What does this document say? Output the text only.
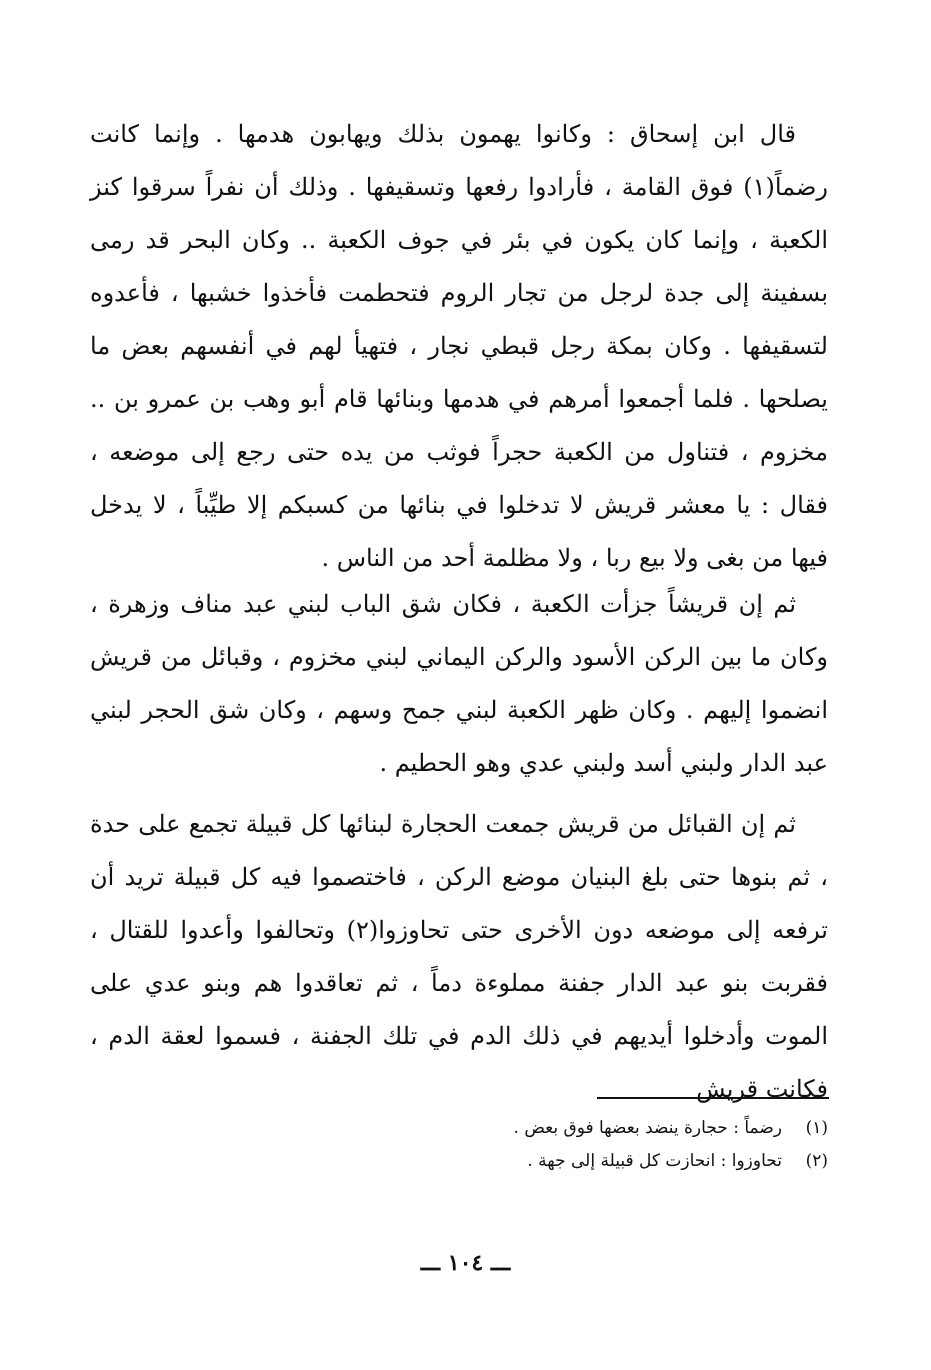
قال ابن إسحاق : وكانوا يهمون بذلك ويهابون هدمها . وإنما كانت رضماً(١) فوق القامة ، فأرادوا رفعها وتسقيفها . وذلك أن نفراً سرقوا كنز الكعبة ، وإنما كان يكون في بئر في جوف الكعبة .. وكان البحر قد رمى بسفينة إلى جدة لرجل من تجار الروم فتحطمت فأخذوا خشبها ، فأعدوه لتسقيفها . وكان بمكة رجل قبطي نجار ، فتهيأ لهم في أنفسهم بعض ما يصلحها . فلما أجمعوا أمرهم في هدمها وبنائها قام أبو وهب بن عمرو بن .. مخزوم ، فتناول من الكعبة حجراً فوثب من يده حتى رجع إلى موضعه ، فقال : يا معشر قريش لا تدخلوا في بنائها من كسبكم إلا طيِّباً ، لا يدخل فيها من بغى ولا بيع ربا ، ولا مظلمة أحد من الناس .

ثم إن قريشاً جزأت الكعبة ، فكان شق الباب لبني عبد مناف وزهرة ، وكان ما بين الركن الأسود والركن اليماني لبني مخزوم ، وقبائل من قريش انضموا إليهم . وكان ظهر الكعبة لبني جمح وسهم ، وكان شق الحجر لبني عبد الدار ولبني أسد ولبني عدي وهو الحطيم .

ثم إن القبائل من قريش جمعت الحجارة لبنائها كل قبيلة تجمع على حدة ، ثم بنوها حتى بلغ البنيان موضع الركن ، فاختصموا فيه كل قبيلة تريد أن ترفعه إلى موضعه دون الأخرى حتى تحاوزوا(٢) وتحالفوا وأعدوا للقتال ، فقربت بنو عبد الدار جفنة مملوءة دماً ، ثم تعاقدوا هم وبنو عدي على الموت وأدخلوا أيديهم في ذلك الدم في تلك الجفنة ، فسموا لعقة الدم ، فكانت قريش

(١)رضماً : حجارة ينضد بعضها فوق بعض .
(٢)تحاوزوا : انحازت كل قبيلة إلى جهة .
ـــ ١٠٤ ـــ
